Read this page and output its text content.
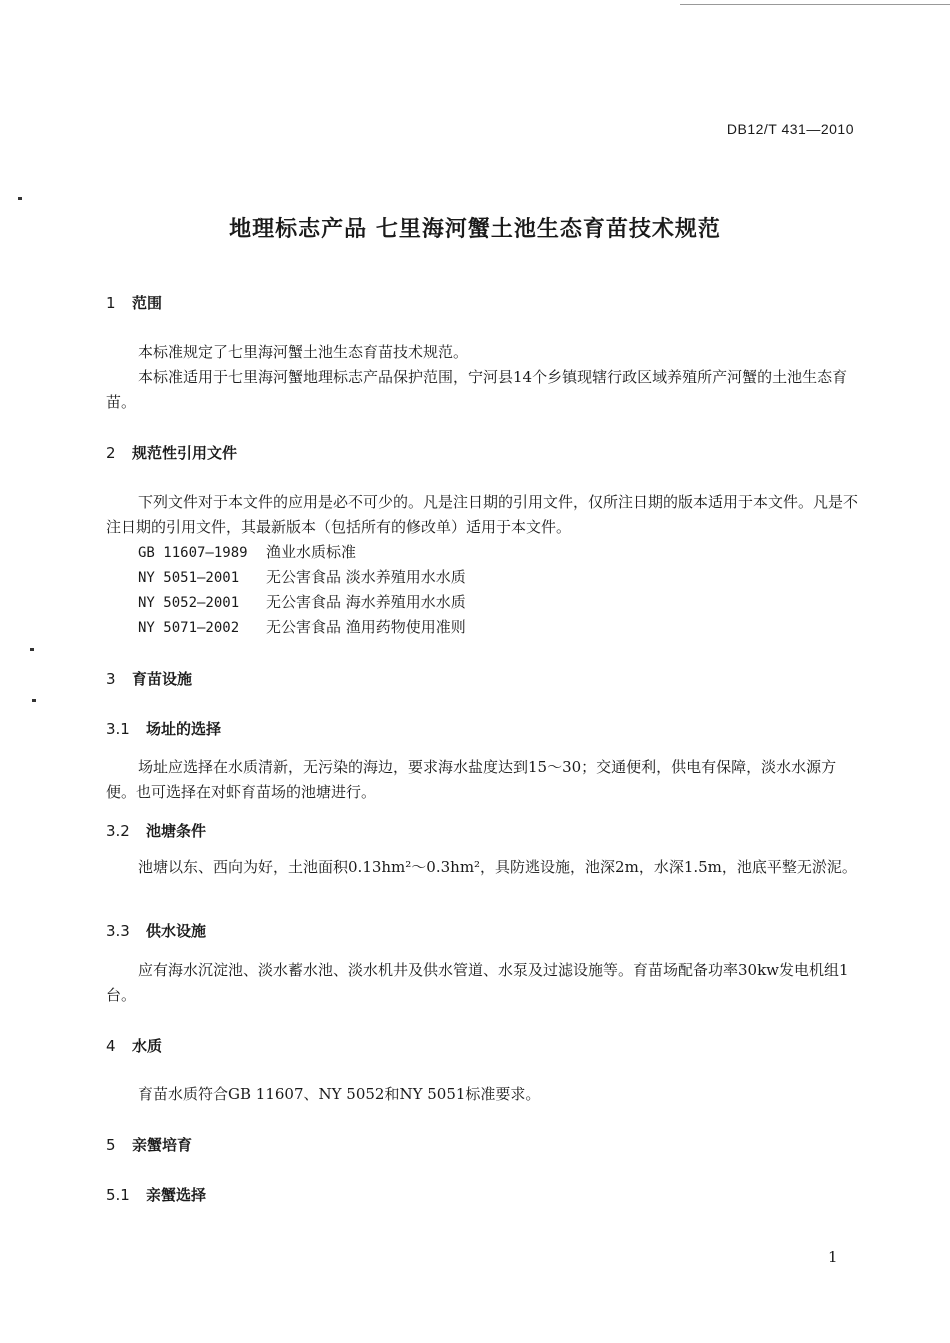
DB12/T 431—2010
地理标志产品 七里海河蟹土池生态育苗技术规范
1 范围
本标准规定了七里海河蟹土池生态育苗技术规范。
本标准适用于七里海河蟹地理标志产品保护范围，宁河县14个乡镇现辖行政区域养殖所产河蟹的土池生态育苗。
2 规范性引用文件
下列文件对于本文件的应用是必不可少的。凡是注日期的引用文件，仅所注日期的版本适用于本文件。凡是不注日期的引用文件，其最新版本（包括所有的修改单）适用于本文件。
GB 11607—1989 渔业水质标准
NY 5051—2001 无公害食品 淡水养殖用水水质
NY 5052—2001 无公害食品 海水养殖用水水质
NY 5071—2002 无公害食品 渔用药物使用准则
3 育苗设施
3.1 场址的选择
场址应选择在水质清新，无污染的海边，要求海水盐度达到15～30；交通便利，供电有保障，淡水水源方便。也可选择在对虾育苗场的池塘进行。
3.2 池塘条件
池塘以东、西向为好，土池面积0.13hm²～0.3hm²，具防逃设施，池深2m，水深1.5m，池底平整无淤泥。
3.3 供水设施
应有海水沉淀池、淡水蓄水池、淡水机井及供水管道、水泵及过滤设施等。育苗场配备功率30kw发电机组1台。
4 水质
育苗水质符合GB 11607、NY 5052和NY 5051标准要求。
5 亲蟹培育
5.1 亲蟹选择
1
